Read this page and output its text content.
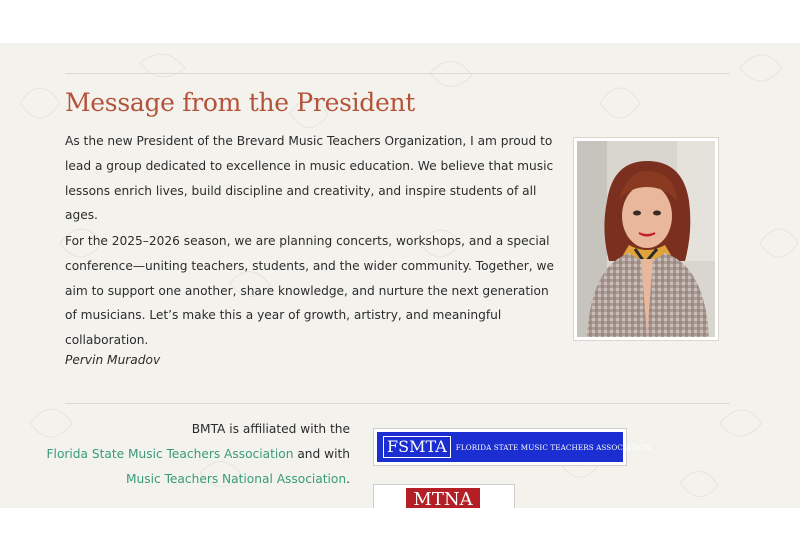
Message from the President

As the new President of the Brevard Music Teachers Organization, I am proud to lead a group dedicated to excellence in music education. We believe that music lessons enrich lives, build discipline and creativity, and inspire students of all ages.

For the 2025–2026 season, we are planning concerts, workshops, and a special conference—uniting teachers, students, and the wider community. Together, we aim to support one another, share knowledge, and nurture the next generation of musicians. Let’s make this a year of growth, artistry, and meaningful collaboration.

Pervin Muradov

BMTA is affiliated with the
Florida State Music Teachers Association and with
Music Teachers National Association.
FSMTA	FLORIDA STATE MUSIC TEACHERS ASSOCIATION
MTNA
